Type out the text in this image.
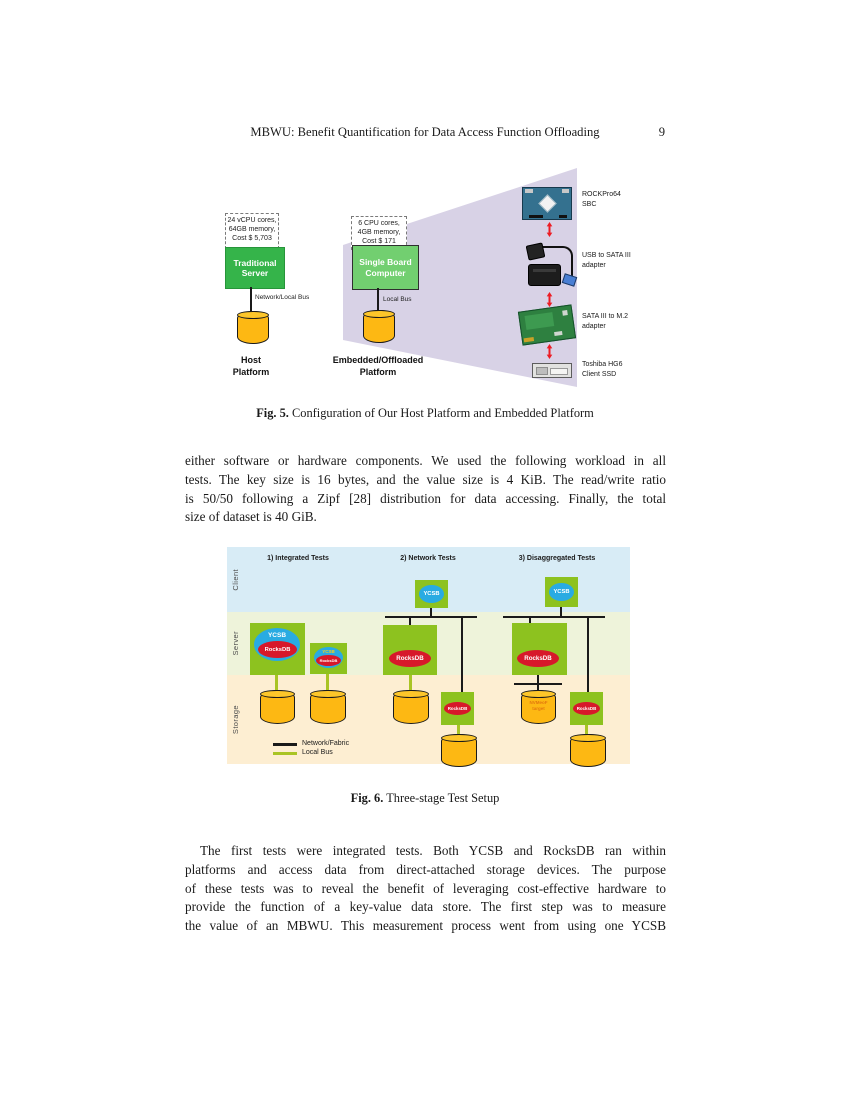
MBWU: Benefit Quantification for Data Access Function Offloading	9
24 vCPU cores,
64GB memory,
Cost $ 5,703
Traditional Server
Network/Local Bus
Host
Platform
6 CPU cores,
4GB memory,
Cost $ 171
Single Board Computer
Local Bus
Embedded/Offloaded
Platform
ROCKPro64
SBC
USB to SATA III
adapter
SATA III to M.2
adapter
Toshiba HG6
Client SSD
Fig. 5. Configuration of Our Host Platform and Embedded Platform
either software or hardware components. We used the following workload in all
tests. The key size is 16 bytes, and the value size is 4 KiB. The read/write ratio
is 50/50 following a Zipf [28] distribution for data accessing. Finally, the total
size of dataset is 40 GiB.
Client
Server
Storage
1) Integrated Tests	2) Network Tests	3) Disaggregated Tests
YCSB
RocksDB	YCSB
RocksDB
YCSB
RocksDB
RocksDB
YCSB
RocksDB
NVMeoF
target	RocksDB
Network/Fabric
Local Bus
Fig. 6. Three-stage Test Setup
The first tests were integrated tests. Both YCSB and RocksDB ran within
platforms and access data from direct-attached storage devices. The purpose
of these tests was to reveal the benefit of leveraging cost-effective hardware to
provide the function of a key-value data store. The first step was to measure
the value of an MBWU. This measurement process went from using one YCSB
